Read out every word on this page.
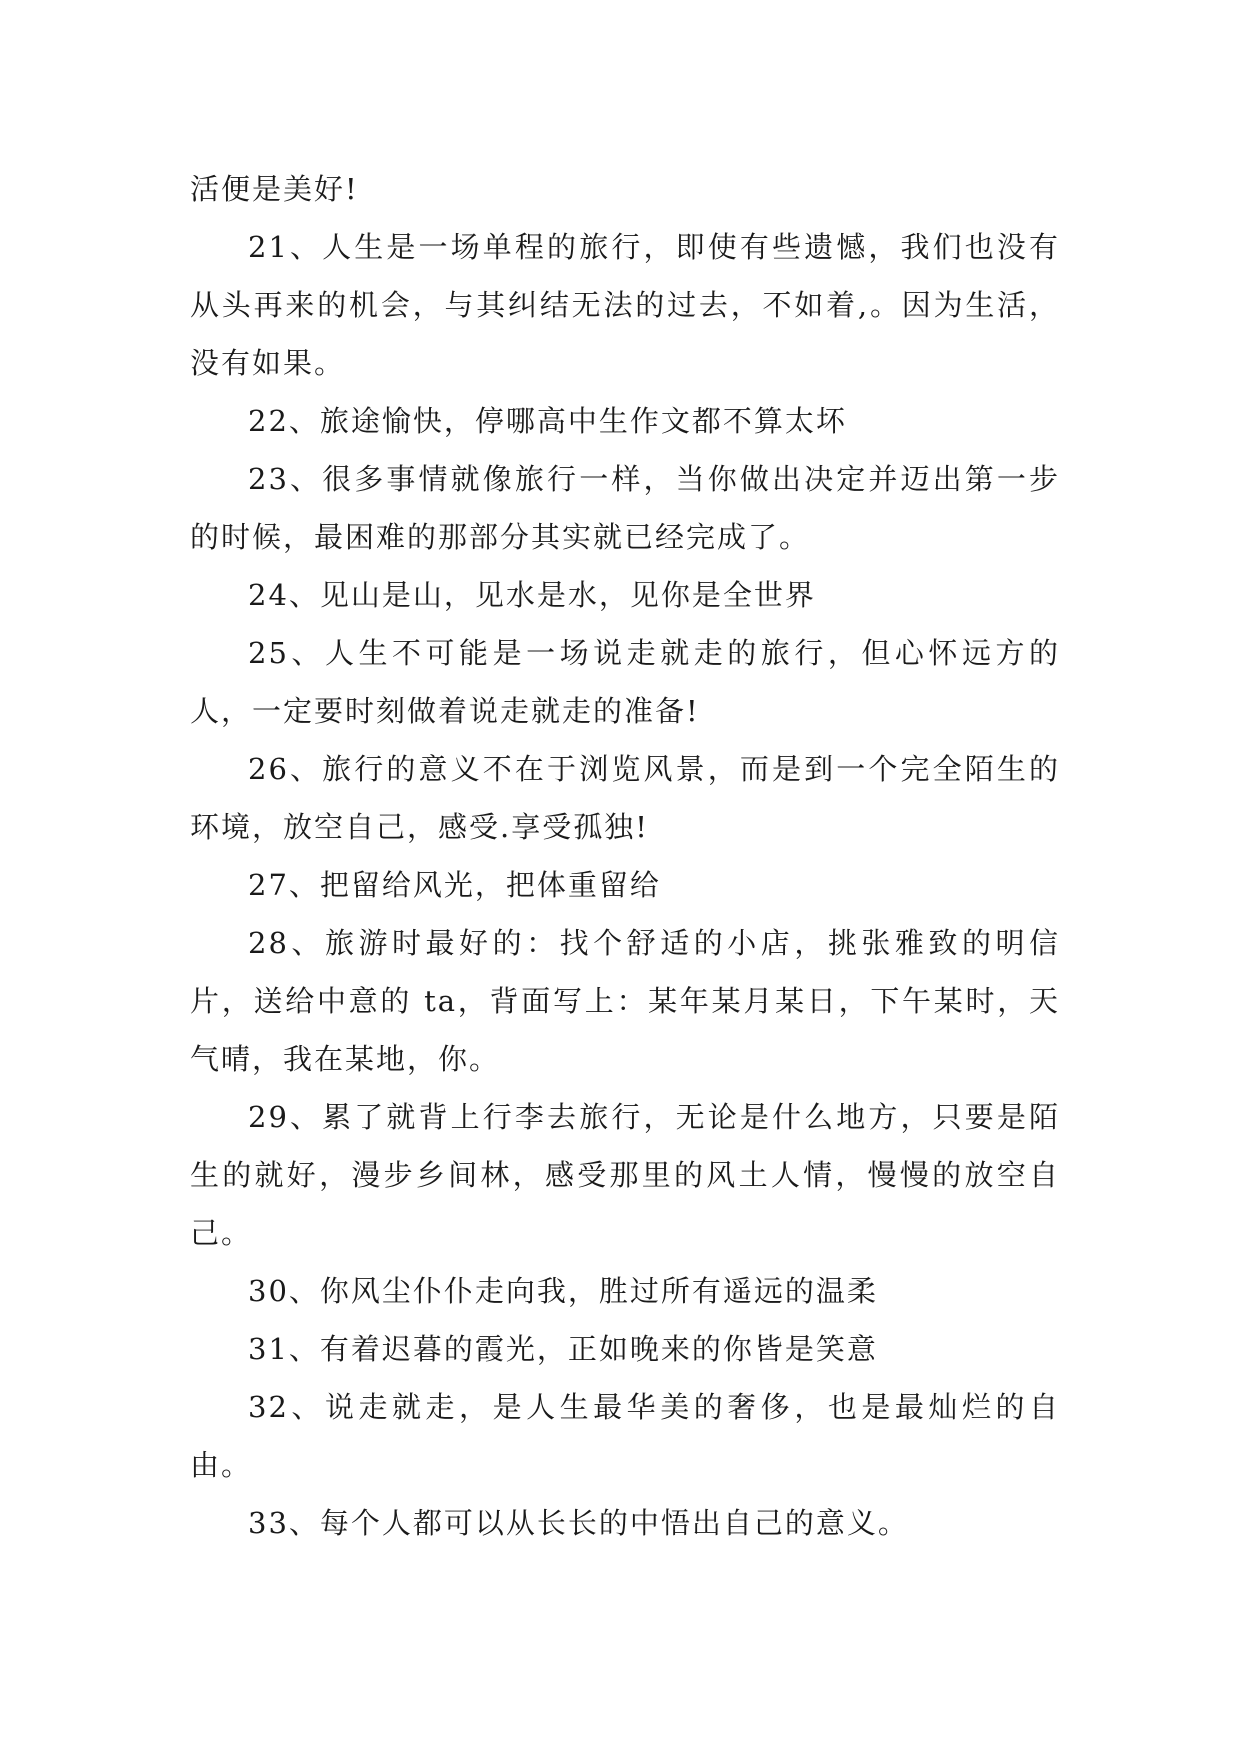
活便是美好!

21、人生是一场单程的旅行，即使有些遗憾，我们也没有从头再来的机会，与其纠结无法的过去，不如着,。因为生活，没有如果。

22、旅途愉快，停哪高中生作文都不算太坏

23、很多事情就像旅行一样，当你做出决定并迈出第一步的时候，最困难的那部分其实就已经完成了。

24、见山是山，见水是水，见你是全世界

25、人生不可能是一场说走就走的旅行，但心怀远方的人，一定要时刻做着说走就走的准备!

26、旅行的意义不在于浏览风景，而是到一个完全陌生的环境，放空自己，感受.享受孤独!

27、把留给风光，把体重留给

28、旅游时最好的：找个舒适的小店，挑张雅致的明信片，送给中意的 ta，背面写上：某年某月某日，下午某时，天气晴，我在某地，你。

29、累了就背上行李去旅行，无论是什么地方，只要是陌生的就好，漫步乡间林，感受那里的风土人情，慢慢的放空自己。

30、你风尘仆仆走向我，胜过所有遥远的温柔

31、有着迟暮的霞光，正如晚来的你皆是笑意

32、说走就走，是人生最华美的奢侈，也是最灿烂的自由。

33、每个人都可以从长长的中悟出自己的意义。
